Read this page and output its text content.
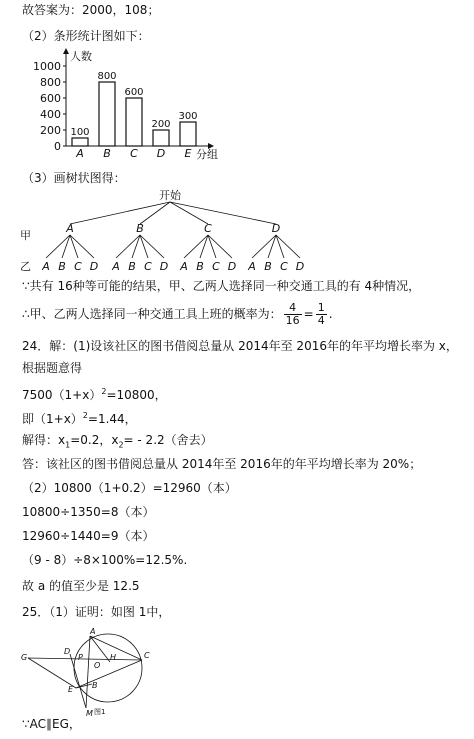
故答案为：2000，108；
（2）条形统计图如下：
人数
分组
0
200
400
600
800
1000
100
A
800
B
600
C
200
D
300
E
（3）画树状图得：
开始
甲
乙
A
A B C D
B
A B C D
C
A B C D
D
A B C D
∵共有 16种等可能的结果，甲、乙两人选择同一种交通工具的有 4种情况，
∴甲、乙两人选择同一种交通工具上班的概率为： $\frac{4}{16} = \frac{1}{4}$ .
24．解：(1)设该社区的图书借阅总量从 2014年至 2016年的年平均增长率为 x，
根据题意得
$7500(1+x)^2=10800$，
即$(1+x)^2=1.44$，
解得：$x_1=0.2$，$x_2= - 2.2$（舍去）
答：该社区的图书借阅总量从 2014年至 2016年的年平均增长率为 20%；
（2）10800（1+0.2）=12960（本）
10800÷1350=8（本）
12960÷1440=9（本）
（9 - 8）÷8×100%=12.5%.
故 a 的值至少是 12.5
25．（1）证明：如图 1中，
A
G
D
P	H	C
O
E B
M 图1
∵AC∥EG，
